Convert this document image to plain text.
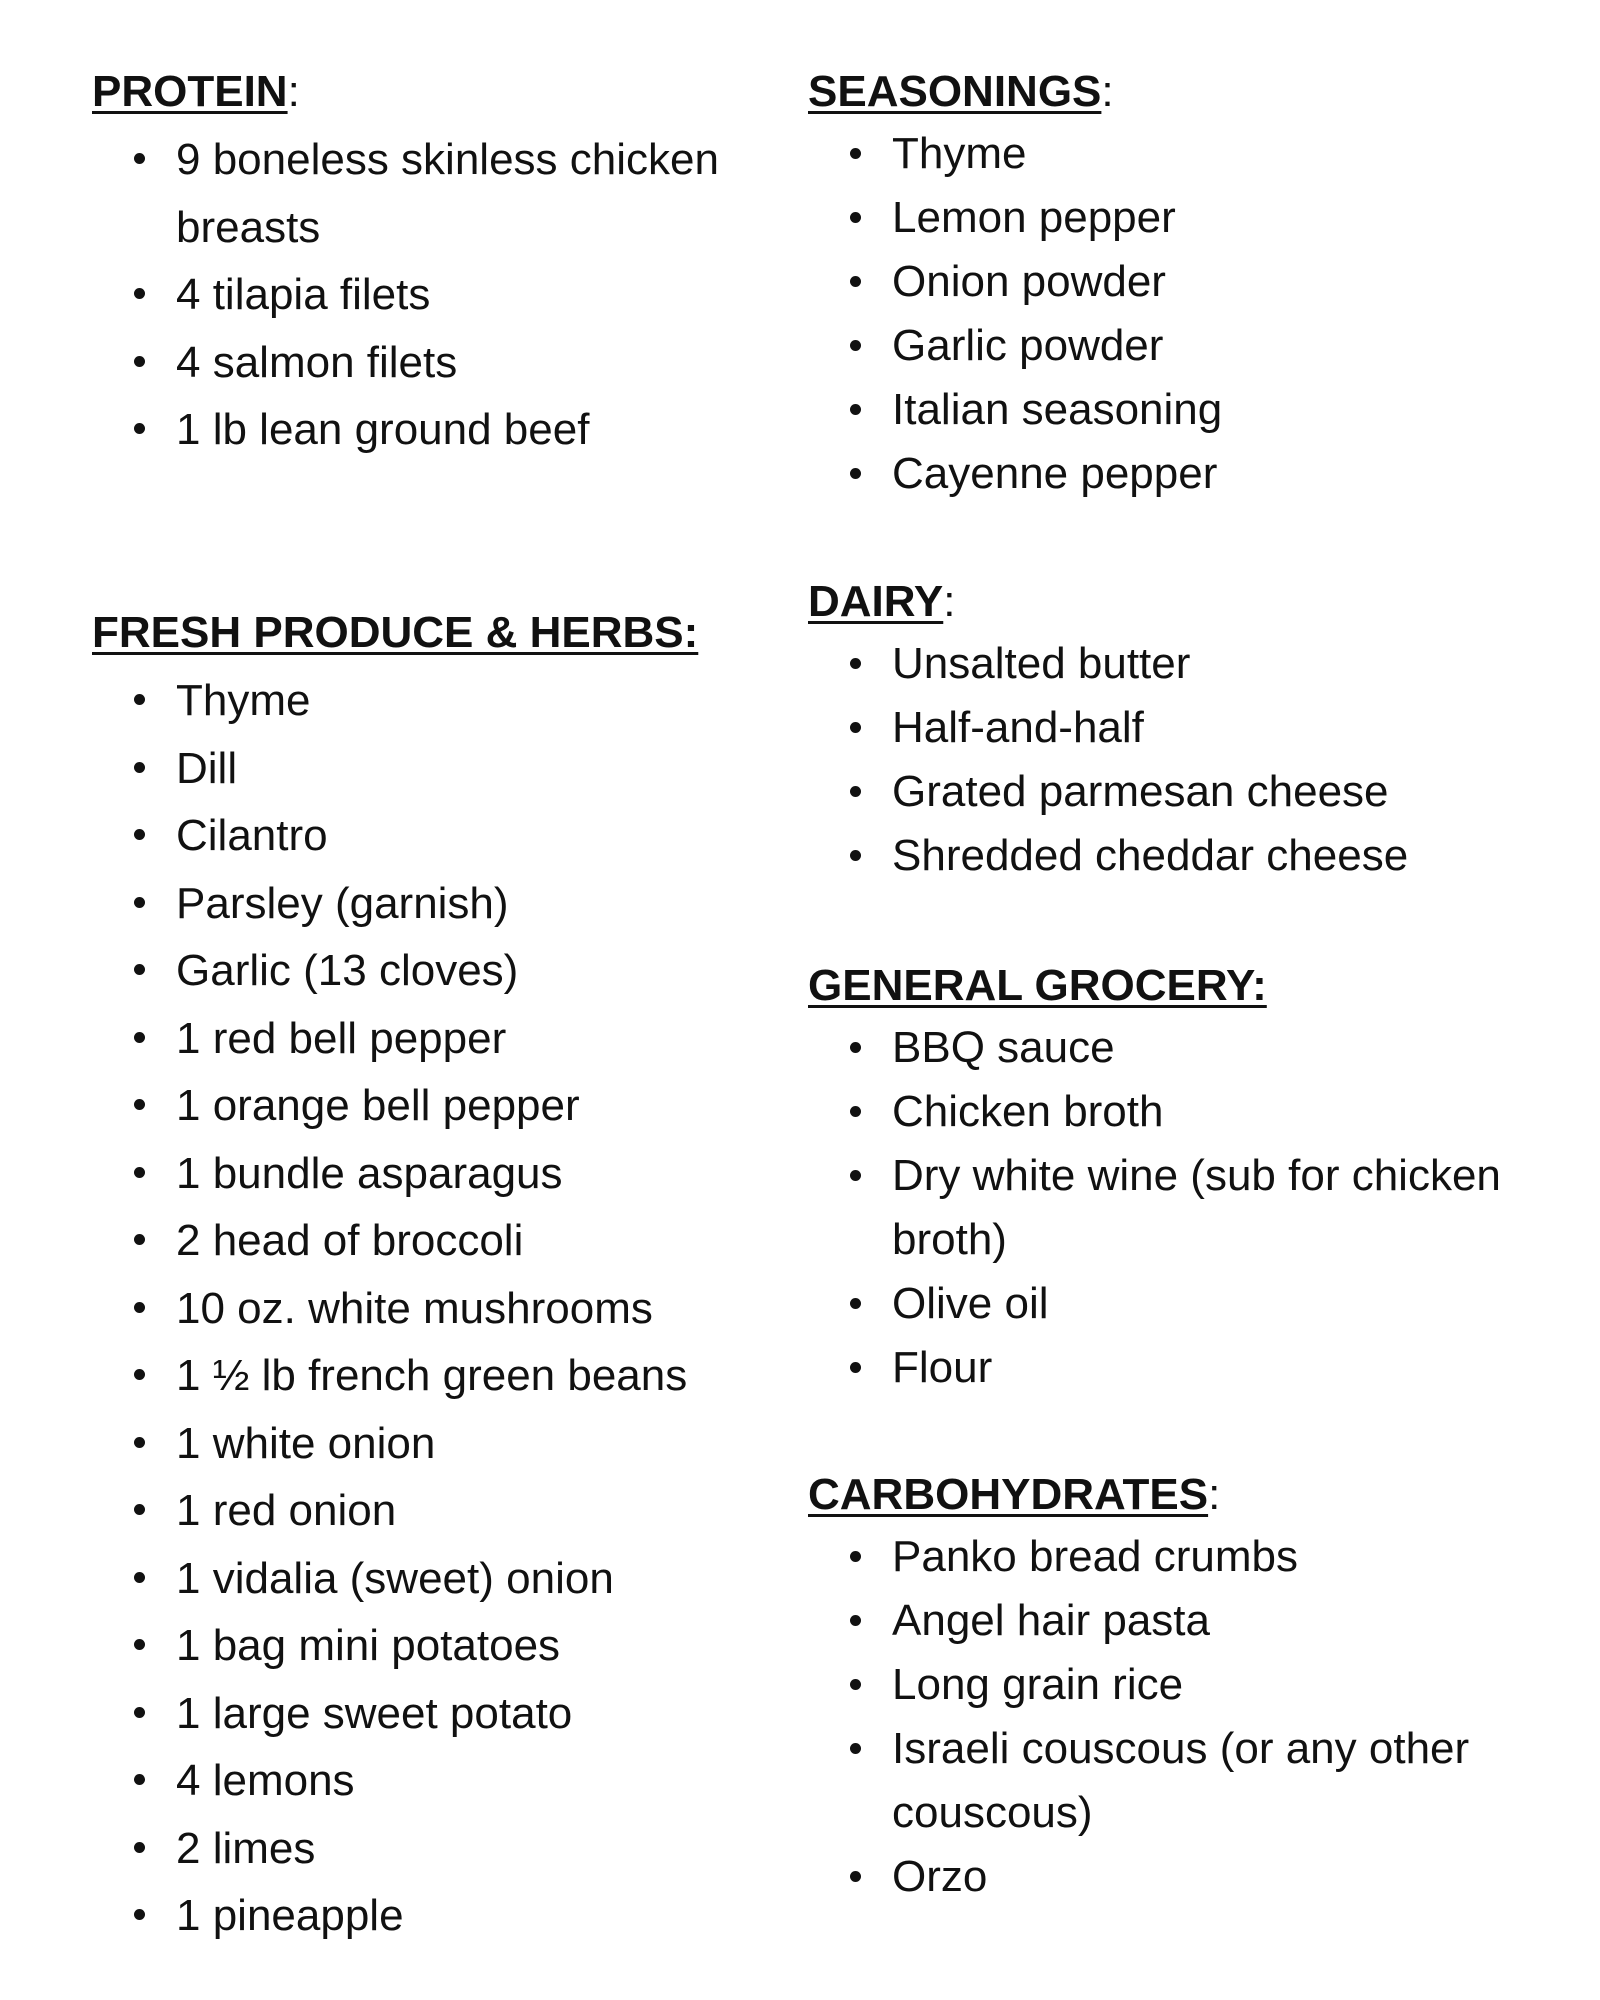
PROTEIN:
9 boneless skinless chicken breasts
4 tilapia filets
4 salmon filets
1 lb lean ground beef
FRESH PRODUCE & HERBS:
Thyme
Dill
Cilantro
Parsley (garnish)
Garlic (13 cloves)
1 red bell pepper
1 orange bell pepper
1 bundle asparagus
2 head of broccoli
10 oz. white mushrooms
1 ½ lb french green beans
1 white onion
1 red onion
1 vidalia (sweet) onion
1 bag mini potatoes
1 large sweet potato
4 lemons
2 limes
1 pineapple
SEASONINGS:
Thyme
Lemon pepper
Onion powder
Garlic powder
Italian seasoning
Cayenne pepper
DAIRY:
Unsalted butter
Half-and-half
Grated parmesan cheese
Shredded cheddar cheese
GENERAL GROCERY:
BBQ sauce
Chicken broth
Dry white wine (sub for chicken broth)
Olive oil
Flour
CARBOHYDRATES:
Panko bread crumbs
Angel hair pasta
Long grain rice
Israeli couscous (or any other couscous)
Orzo
